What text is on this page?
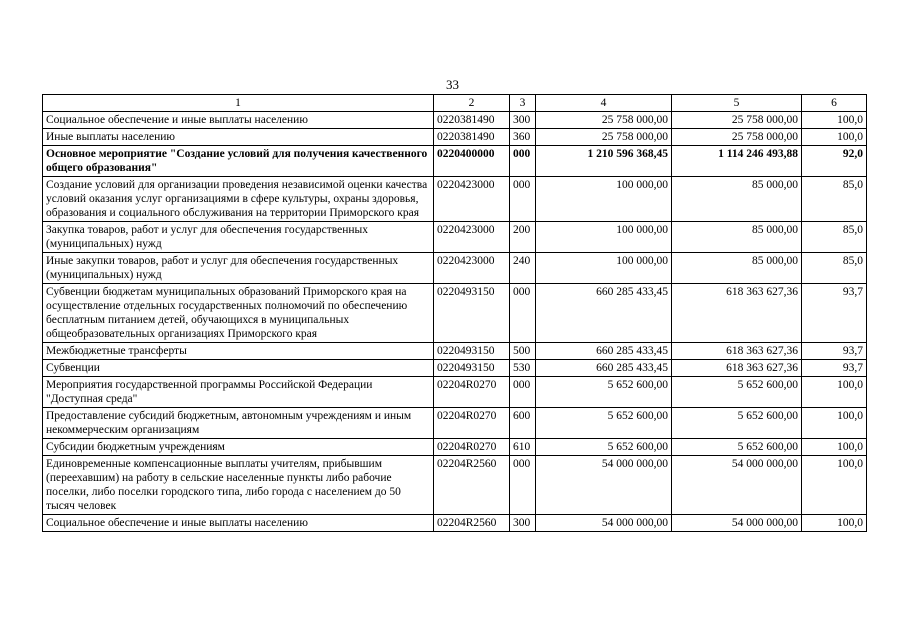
33
1	2	3	4	5	6
Социальное обеспечение и иные выплаты населению	0220381490	300	25 758 000,00	25 758 000,00	100,0
Иные выплаты населению	0220381490	360	25 758 000,00	25 758 000,00	100,0
Основное мероприятие "Создание условий для получения качественного общего образования"	0220400000	000	1 210 596 368,45	1 114 246 493,88	92,0
Создание условий для организации проведения независимой оценки качества условий оказания услуг организациями в сфере культуры, охраны здоровья, образования и социального обслуживания на территории Приморского края	0220423000	000	100 000,00	85 000,00	85,0
Закупка товаров, работ и услуг для обеспечения государственных (муниципальных) нужд	0220423000	200	100 000,00	85 000,00	85,0
Иные закупки товаров, работ и услуг для обеспечения государственных (муниципальных) нужд	0220423000	240	100 000,00	85 000,00	85,0
Субвенции бюджетам муниципальных образований Приморского края на осуществление отдельных государственных полномочий по обеспечению бесплатным питанием детей, обучающихся в муниципальных общеобразовательных организациях Приморского края	0220493150	000	660 285 433,45	618 363 627,36	93,7
Межбюджетные трансферты	0220493150	500	660 285 433,45	618 363 627,36	93,7
Субвенции	0220493150	530	660 285 433,45	618 363 627,36	93,7
Мероприятия государственной программы Российской Федерации "Доступная среда"	02204R0270	000	5 652 600,00	5 652 600,00	100,0
Предоставление субсидий бюджетным, автономным учреждениям и иным некоммерческим организациям	02204R0270	600	5 652 600,00	5 652 600,00	100,0
Субсидии бюджетным учреждениям	02204R0270	610	5 652 600,00	5 652 600,00	100,0
Единовременные компенсационные выплаты учителям, прибывшим (переехавшим) на работу в сельские населенные пункты либо рабочие поселки, либо поселки городского типа, либо города с населением до 50 тысяч человек	02204R2560	000	54 000 000,00	54 000 000,00	100,0
Социальное обеспечение и иные выплаты населению	02204R2560	300	54 000 000,00	54 000 000,00	100,0
